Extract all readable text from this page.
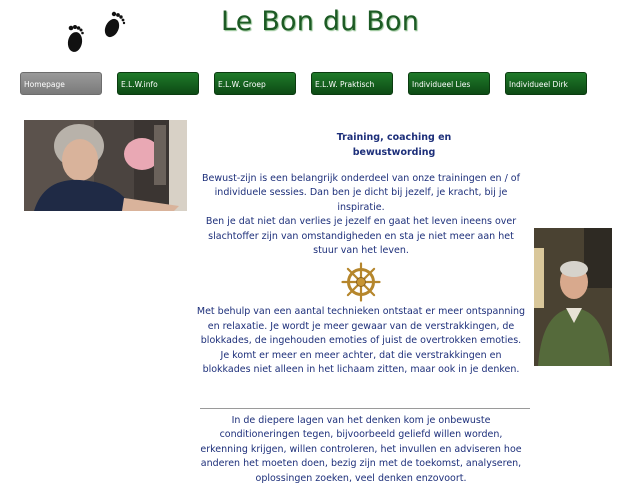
Le Bon du Bon
Homepage	E.L.W.info	E.L.W. Groep	E.L.W. Praktisch	Individueel Lies	Individueel Dirk
Training, coaching en bewustwording

Bewust-zijn is een belangrijk onderdeel van onze trainingen en / of individuele sessies. Dan ben je dicht bij jezelf, je kracht, bij je inspiratie.

Ben je dat niet dan verlies je jezelf en gaat het leven ineens over slachtoffer zijn van omstandigheden en sta je niet meer aan het stuur van het leven.

Met behulp van een aantal technieken ontstaat er meer ontspanning en relaxatie. Je wordt je meer gewaar van de verstrakkingen, de blokkades, de ingehouden emoties of juist de overtrokken emoties.

Je komt er meer en meer achter, dat die verstrakkingen en blokkades niet alleen in het lichaam zitten, maar ook in je denken.

In de diepere lagen van het denken kom je onbewuste conditioneringen tegen, bijvoorbeeld geliefd willen worden, erkenning krijgen, willen controleren, het invullen en adviseren hoe anderen het moeten doen, bezig zijn met de toekomst, analyseren, oplossingen zoeken, veel denken enzovoort.
